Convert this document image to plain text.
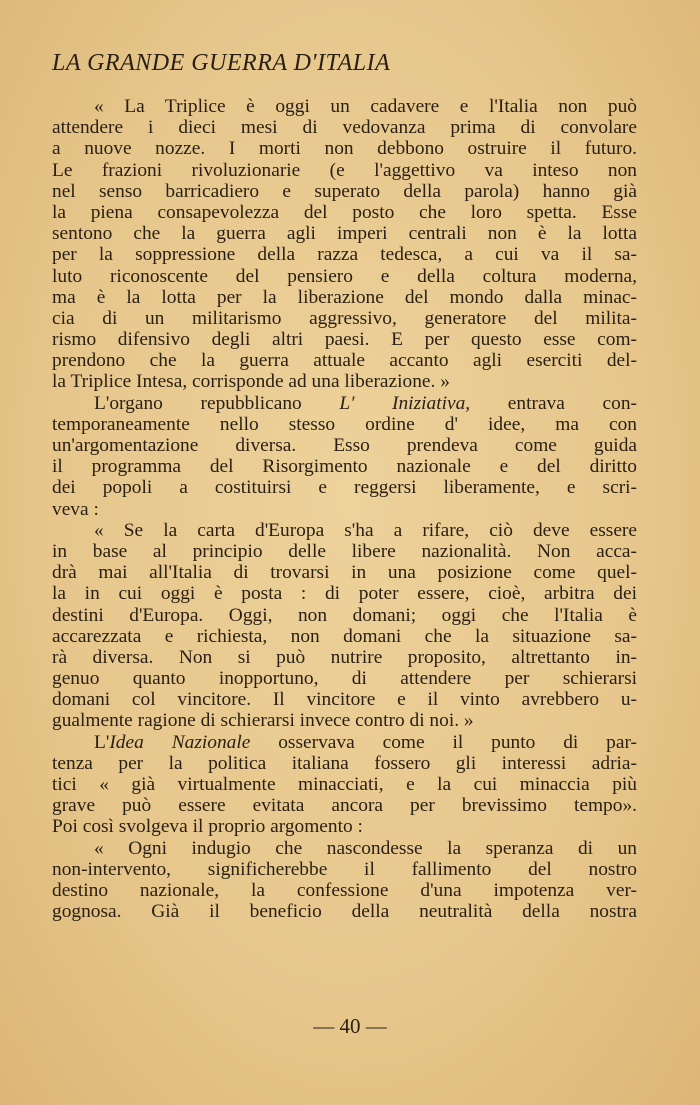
LA GRANDE GUERRA D'ITALIA
« La Triplice è oggi un cadavere e l'Italia non può
attendere i dieci mesi di vedovanza prima di convolare
a nuove nozze. I morti non debbono ostruire il futuro.
Le frazioni rivoluzionarie (e l'aggettivo va inteso non
nel senso barricadiero e superato della parola) hanno già
la piena consapevolezza del posto che loro spetta. Esse
sentono che la guerra agli imperi centrali non è la lotta
per la soppressione della razza tedesca, a cui va il sa-
luto riconoscente del pensiero e della coltura moderna,
ma è la lotta per la liberazione del mondo dalla minac-
cia di un militarismo aggressivo, generatore del milita-
rismo difensivo degli altri paesi. E per questo esse com-
prendono che la guerra attuale accanto agli eserciti del-
la Triplice Intesa, corrisponde ad una liberazione. »
L'organo repubblicano L' Iniziativa, entrava con-
temporaneamente nello stesso ordine d' idee, ma con
un'argomentazione diversa. Esso prendeva come guida
il programma del Risorgimento nazionale e del diritto
dei popoli a costituirsi e reggersi liberamente, e scri-
veva :
« Se la carta d'Europa s'ha a rifare, ciò deve essere
in base al principio delle libere nazionalità. Non acca-
drà mai all'Italia di trovarsi in una posizione come quel-
la in cui oggi è posta : di poter essere, cioè, arbitra dei
destini d'Europa. Oggi, non domani; oggi che l'Italia è
accarezzata e richiesta, non domani che la situazione sa-
rà diversa. Non si può nutrire proposito, altrettanto in-
genuo quanto inopportuno, di attendere per schierarsi
domani col vincitore. Il vincitore e il vinto avrebbero u-
gualmente ragione di schierarsi invece contro di noi. »
L'Idea Nazionale osservava come il punto di par-
tenza per la politica italiana fossero gli interessi adria-
tici « già virtualmente minacciati, e la cui minaccia più
grave può essere evitata ancora per brevissimo tempo».
Poi così svolgeva il proprio argomento :
« Ogni indugio che nascondesse la speranza di un
non-intervento, significherebbe il fallimento del nostro
destino nazionale, la confessione d'una impotenza ver-
gognosa. Già il beneficio della neutralità della nostra
— 40 —
